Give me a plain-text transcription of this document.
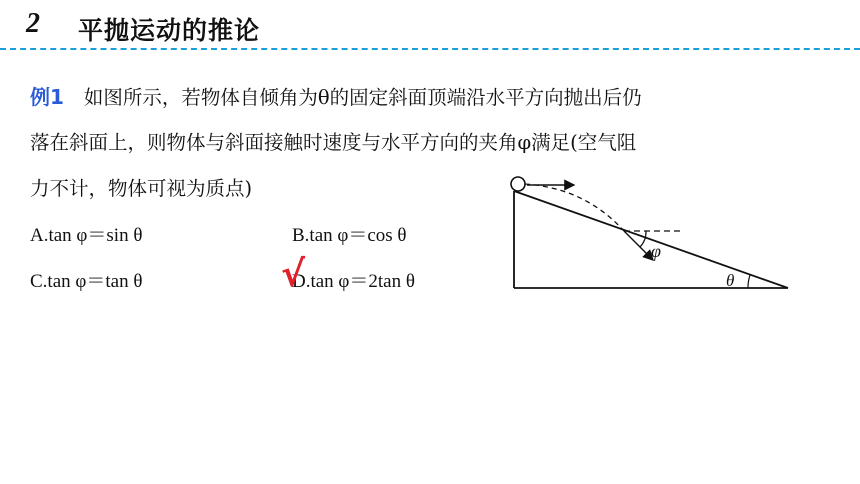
2 平抛运动的推论
例1 如图所示，若物体自倾角为θ的固定斜面顶端沿水平方向抛出后仍
落在斜面上，则物体与斜面接触时速度与水平方向的夹角φ满足(空气阻
力不计，物体可视为质点)
A.tan φ＝sin θ	B.tan φ＝cos θ
C.tan φ＝tan θ	D.tan φ＝2tan θ
√
φ
θ
